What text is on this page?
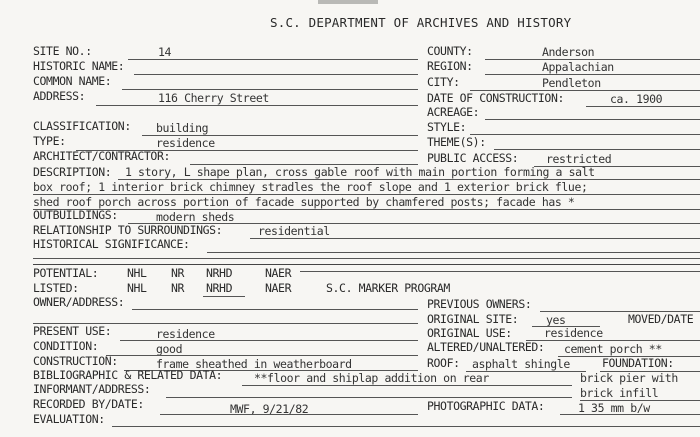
S.C. DEPARTMENT OF ARCHIVES AND HISTORY
SITE NO.:	14	COUNTY:	Anderson
HISTORIC NAME:	REGION:	Appalachian
COMMON NAME:	CITY:	Pendleton
ADDRESS:	116 Cherry Street	DATE OF CONSTRUCTION:	ca. 1900
ACREAGE:
CLASSIFICATION: building	STYLE:
TYPE:	residence	THEME(S):
ARCHITECT/CONTRACTOR:	PUBLIC ACCESS: restricted
DESCRIPTION: 1 story, L shape plan, cross gable roof with main portion forming a salt
box roof; 1 interior brick chimney stradles the roof slope and 1 exterior brick flue;
shed roof porch across portion of facade supported by chamfered posts; facade has *
OUTBUILDINGS:	modern sheds
RELATIONSHIP TO SURROUNDINGS:	residential
HISTORICAL SIGNIFICANCE:
POTENTIAL:	NHL NR NRHD	NAER
LISTED:	NHL NR NRHD	NAER	S.C. MARKER PROGRAM
OWNER/ADDRESS:	PREVIOUS OWNERS:
ORIGINAL SITE: yes	MOVED/DATE
PRESENT USE:	residence	ORIGINAL USE:	residence
CONDITION:	good	ALTERED/UNALTERED: cement porch **
CONSTRUCTION:	frame sheathed in weatherboard	ROOF: asphalt shingle	FOUNDATION:
BIBLIOGRAPHIC & RELATED DATA:	**floor and shiplap addition on rear	brick pier with
INFORMANT/ADDRESS:	brick infill
RECORDED BY/DATE:	MWF, 9/21/82	PHOTOGRAPHIC DATA:	1 35 mm b/w
EVALUATION:
